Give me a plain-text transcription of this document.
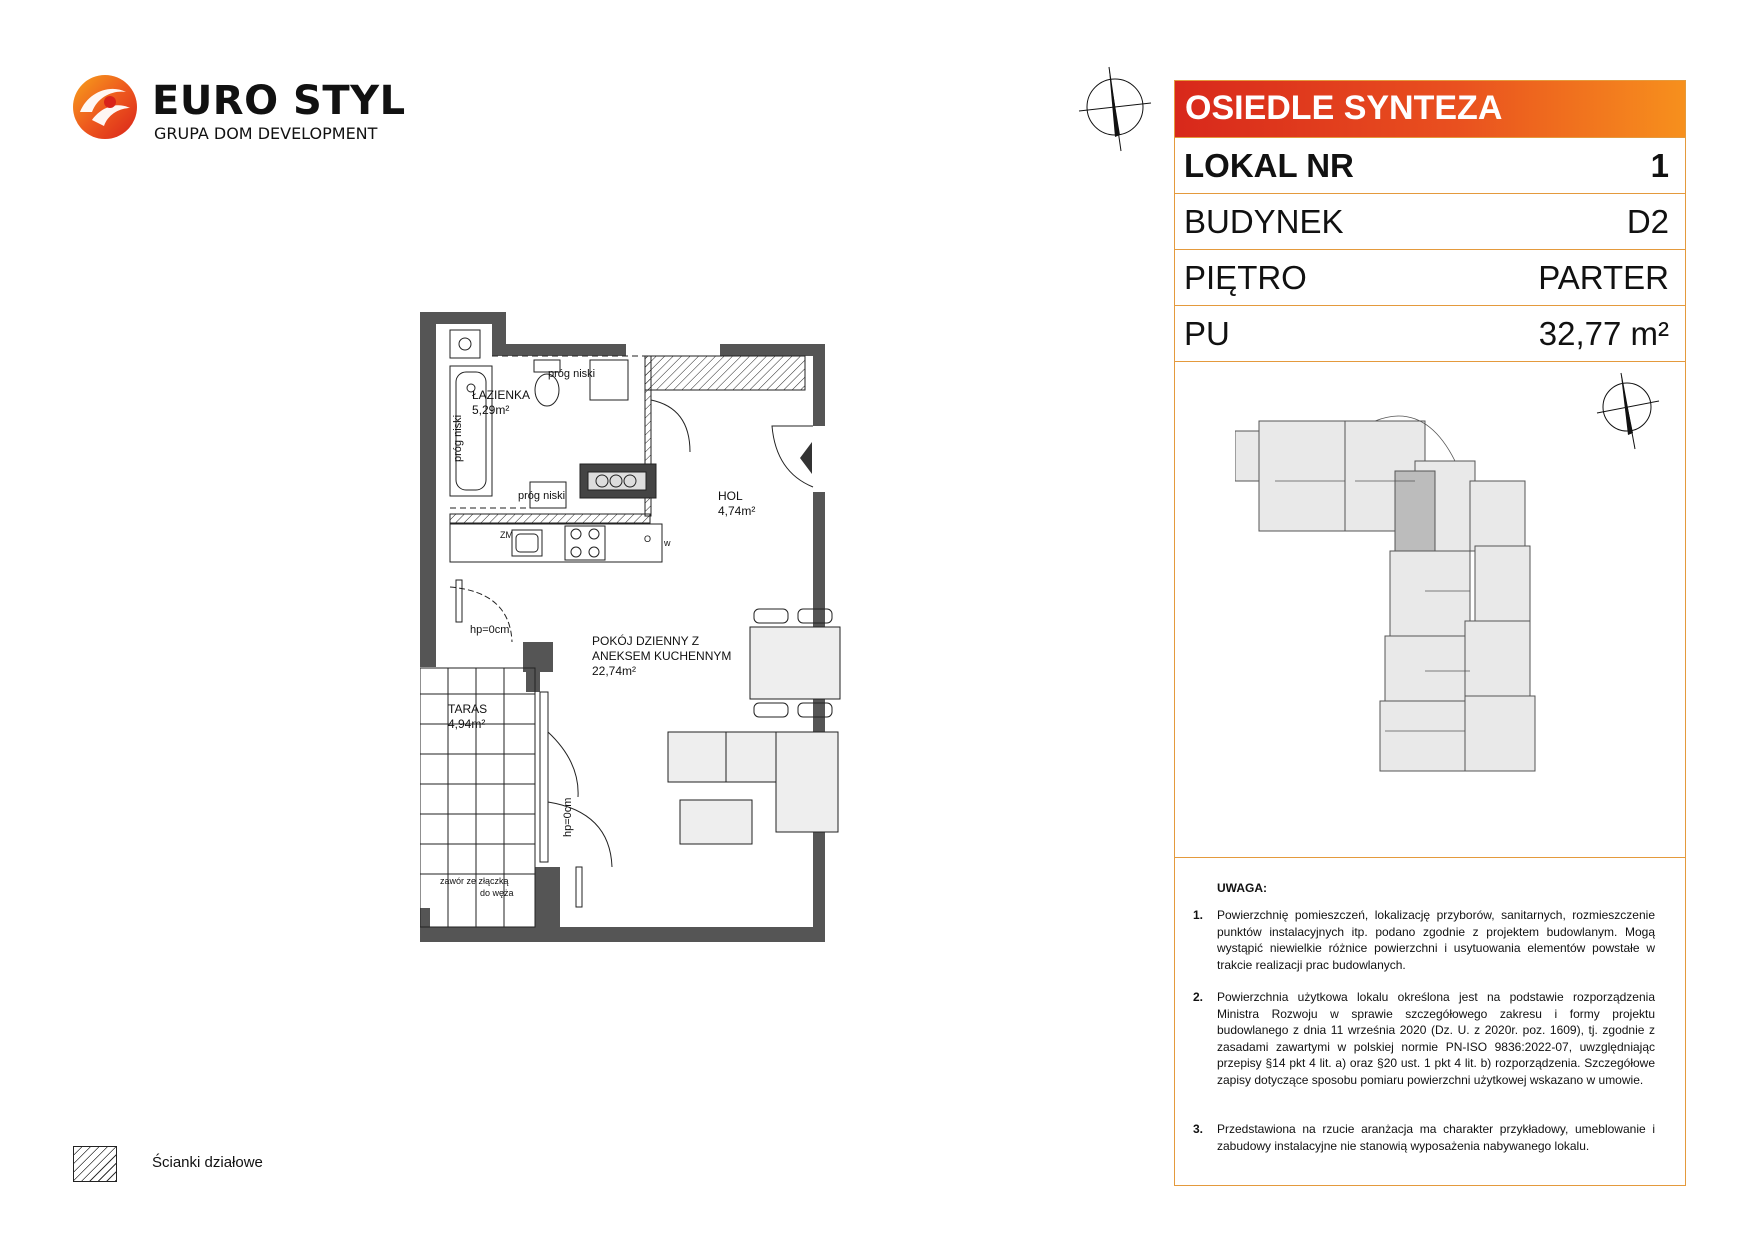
EURO STYL
GRUPA DOM DEVELOPMENT
ŁAZIENKA
5,29m²
HOL
4,74m²
POKÓJ DZIENNY Z
ANEKSEM KUCHENNYM
22,74m²
TARAS
4,94m²
próg niski
próg niski
próg niski
hp=0cm
hp=0cm
ZM	O w
zawór ze złączką
do węża
OSIEDLE SYNTEZA
LOKAL NR	1
BUDYNEK	D2
PIĘTRO	PARTER
PU	32,77 m²
UWAGA:
1. Powierzchnię pomieszczeń, lokalizację przyborów, sanitarnych, rozmieszczenie punktów instalacyjnych itp. podano zgodnie z projektem budowlanym. Mogą wystąpić niewielkie różnice powierzchni i usytuowania elementów powstałe w trakcie realizacji prac budowlanych.
2. Powierzchnia użytkowa lokalu określona jest na podstawie rozporządzenia Ministra Rozwoju w sprawie szczegółowego zakresu i formy projektu budowlanego z dnia 11 września 2020 (Dz. U. z 2020r. poz. 1609), tj. zgodnie z zasadami zawartymi w polskiej normie PN-ISO 9836:2022-07, uwzględniając przepisy §14 pkt 4 lit. a) oraz §20 ust. 1 pkt 4 lit. b) rozporządzenia. Szczegółowe zapisy dotyczące sposobu pomiaru powierzchni użytkowej wskazano w umowie.
3. Przedstawiona na rzucie aranżacja ma charakter przykładowy, umeblowanie i zabudowy instalacyjne nie stanowią wyposażenia nabywanego lokalu.
Ścianki działowe
